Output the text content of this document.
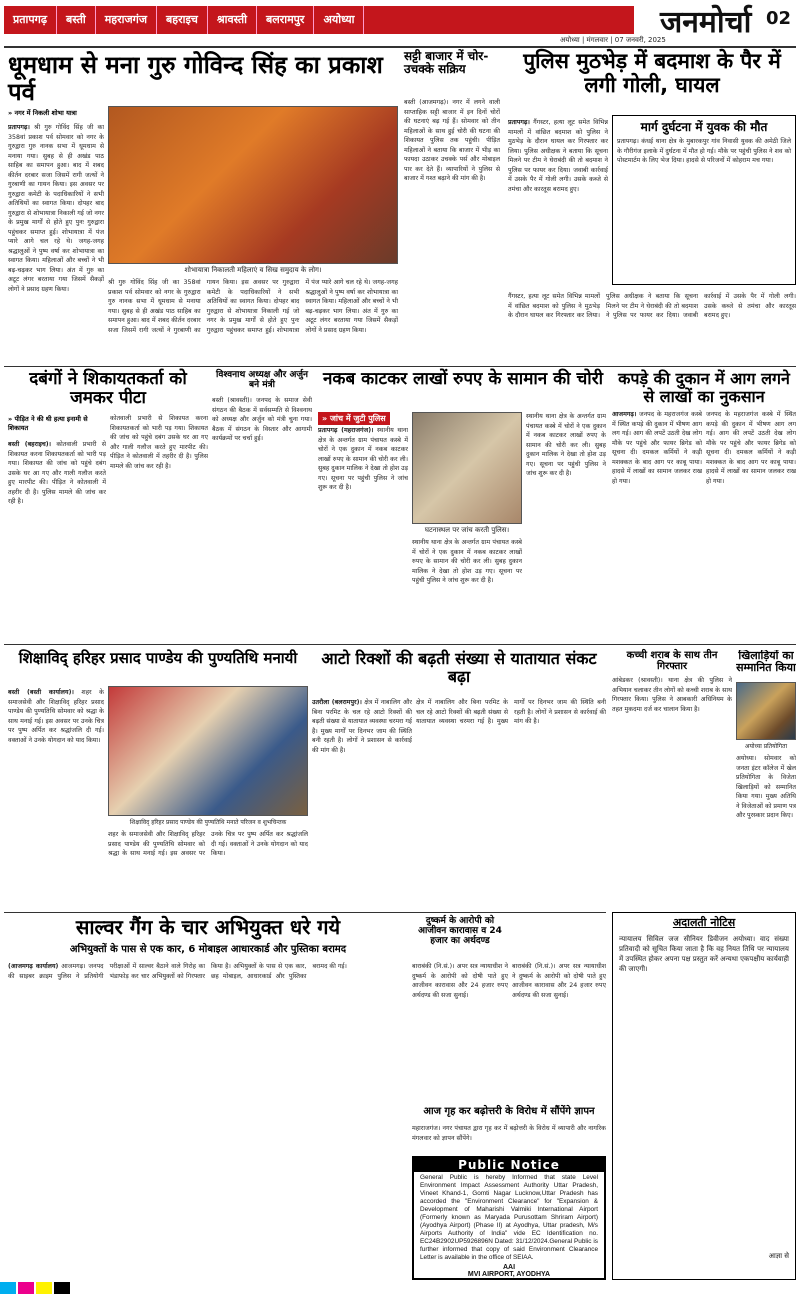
प्रतापगढ़	बस्ती	महराजगंज	बहराइच	श्रावस्ती	बलरामपुर	अयोध्या
अयोध्या | मंगलवार | 07 जनवरी, 2025
जनमोर्चा 02
धूमधाम से मना गुरु गोविन्द सिंह का प्रकाश पर्व
» नगर में निकली शोभा यात्रा
प्रतापगढ़। श्री गुरु गोविंद सिंह जी का 358वां प्रकाश पर्व सोमवार को नगर के गुरुद्वारा गुरु नानक सभा में धूमधाम से मनाया गया। सुबह से ही अखंड पाठ साहिब का समापन हुआ। बाद में शबद कीर्तन दरबार सजा जिसमें रागी जत्थों ने गुरबाणी का गायन किया। इस अवसर पर गुरुद्वारा कमेटी के पदाधिकारियों ने सभी अतिथियों का स्वागत किया। दोपहर बाद गुरुद्वारा से शोभायात्रा निकाली गई जो नगर के प्रमुख मार्गों से होते हुए पुनः गुरुद्वारा पहुंचकर समाप्त हुई। शोभायात्रा में पंज प्यारे आगे चल रहे थे। जगह-जगह श्रद्धालुओं ने पुष्प वर्षा कर शोभायात्रा का स्वागत किया। महिलाओं और बच्चों ने भी बढ़-चढ़कर भाग लिया। अंत में गुरु का अटूट लंगर बरताया गया जिसमें सैकड़ों लोगों ने प्रसाद ग्रहण किया।
शोभायात्रा निकालती महिलाएं व सिख समुदाय के लोग।
श्री गुरु गोविंद सिंह जी का 358वां प्रकाश पर्व सोमवार को नगर के गुरुद्वारा गुरु नानक सभा में धूमधाम से मनाया गया। सुबह से ही अखंड पाठ साहिब का समापन हुआ। बाद में शबद कीर्तन दरबार सजा जिसमें रागी जत्थों ने गुरबाणी का गायन किया। इस अवसर पर गुरुद्वारा कमेटी के पदाधिकारियों ने सभी अतिथियों का स्वागत किया। दोपहर बाद गुरुद्वारा से शोभायात्रा निकाली गई जो नगर के प्रमुख मार्गों से होते हुए पुनः गुरुद्वारा पहुंचकर समाप्त हुई। शोभायात्रा में पंज प्यारे आगे चल रहे थे। जगह-जगह श्रद्धालुओं ने पुष्प वर्षा कर शोभायात्रा का स्वागत किया। महिलाओं और बच्चों ने भी बढ़-चढ़कर भाग लिया। अंत में गुरु का अटूट लंगर बरताया गया जिसमें सैकड़ों लोगों ने प्रसाद ग्रहण किया।
सट्टी बाजार में चोर-उचक्के सक्रिय
बस्ती (आजमगढ़)। नगर में लगने वाली साप्ताहिक सट्टी बाजार में इन दिनों चोरों की घटनाएं बढ़ गई हैं। सोमवार को तीन महिलाओं के साथ हुई चोरी की घटना की शिकायत पुलिस तक पहुंची। पीड़ित महिलाओं ने बताया कि बाजार में भीड़ का फायदा उठाकर उचक्के पर्स और मोबाइल पार कर देते हैं। व्यापारियों ने पुलिस से बाजार में गश्त बढ़ाने की मांग की है।
पुलिस मुठभेड़ में बदमाश के पैर में लगी गोली, घायल
प्रतापगढ़। गैंगस्टर, हत्या लूट समेत विभिन्न मामलों में वांछित बदमाश को पुलिस ने मुठभेड़ के दौरान घायल कर गिरफ्तार कर लिया। पुलिस अधीक्षक ने बताया कि सूचना मिलने पर टीम ने घेराबंदी की तो बदमाश ने पुलिस पर फायर कर दिया। जवाबी कार्रवाई में उसके पैर में गोली लगी। उसके कब्जे से तमंचा और कारतूस बरामद हुए।
मार्ग दुर्घटना में युवक की मौत
प्रतापगढ़। कंधई थाना क्षेत्र के मुबारकपुर गांव निवासी युवक की अमेठी जिले के गौरीगंज इलाके में दुर्घटना में मौत हो गई। मौके पर पहुंची पुलिस ने शव को पोस्टमार्टम के लिए भेज दिया। हादसे से परिजनों में कोहराम मच गया।
गैंगस्टर, हत्या लूट समेत विभिन्न मामलों में वांछित बदमाश को पुलिस ने मुठभेड़ के दौरान घायल कर गिरफ्तार कर लिया। पुलिस अधीक्षक ने बताया कि सूचना मिलने पर टीम ने घेराबंदी की तो बदमाश ने पुलिस पर फायर कर दिया। जवाबी कार्रवाई में उसके पैर में गोली लगी। उसके कब्जे से तमंचा और कारतूस बरामद हुए।
दबंगों ने शिकायतकर्ता को जमकर पीटा
» पीड़ित ने की थी हत्या इनामी से शिकायत
बस्ती (बहराइच)। कोतवाली प्रभारी से शिकायत करना शिकायतकर्ता को भारी पड़ गया। शिकायत की जांच को पहुंचे दबंग उसके घर आ गए और गाली गलौज करते हुए मारपीट की। पीड़ित ने कोतवाली में तहरीर दी है। पुलिस मामले की जांच कर रही है।
कोतवाली प्रभारी से शिकायत करना शिकायतकर्ता को भारी पड़ गया। शिकायत की जांच को पहुंचे दबंग उसके घर आ गए और गाली गलौज करते हुए मारपीट की। पीड़ित ने कोतवाली में तहरीर दी है। पुलिस मामले की जांच कर रही है।
विश्वनाथ अध्यक्ष और अर्जुन बने मंत्री
बस्ती (श्रावस्ती)। जनपद के समाज सेवी संगठन की बैठक में सर्वसम्मति से विश्वनाथ को अध्यक्ष और अर्जुन को मंत्री चुना गया। बैठक में संगठन के विस्तार और आगामी कार्यक्रमों पर चर्चा हुई।
नकब काटकर लाखों रुपए के सामान की चोरी
» जांच में जुटी पुलिस
प्रतापगढ़ (महराजगंज)। स्थानीय थाना क्षेत्र के अन्तर्गत ग्राम पंचायत कस्बे में चोरों ने एक दुकान में नकब काटकर लाखों रुपए के सामान की चोरी कर ली। सुबह दुकान मालिक ने देखा तो होश उड़ गए। सूचना पर पहुंची पुलिस ने जांच शुरू कर दी है।
घटनास्थल पर जांच करती पुलिस।
स्थानीय थाना क्षेत्र के अन्तर्गत ग्राम पंचायत कस्बे में चोरों ने एक दुकान में नकब काटकर लाखों रुपए के सामान की चोरी कर ली। सुबह दुकान मालिक ने देखा तो होश उड़ गए। सूचना पर पहुंची पुलिस ने जांच शुरू कर दी है।
स्थानीय थाना क्षेत्र के अन्तर्गत ग्राम पंचायत कस्बे में चोरों ने एक दुकान में नकब काटकर लाखों रुपए के सामान की चोरी कर ली। सुबह दुकान मालिक ने देखा तो होश उड़ गए। सूचना पर पहुंची पुलिस ने जांच शुरू कर दी है।
कपड़े की दुकान में आग लगने से लाखों का नुकसान
आजमगढ़। जनपद के महराजगंज कस्बे में स्थित कपड़े की दुकान में भीषण आग लग गई। आग की लपटें उठती देख लोग मौके पर पहुंचे और फायर ब्रिगेड को सूचना दी। दमकल कर्मियों ने कड़ी मशक्कत के बाद आग पर काबू पाया। हादसे में लाखों का सामान जलकर राख हो गया।
जनपद के महराजगंज कस्बे में स्थित कपड़े की दुकान में भीषण आग लग गई। आग की लपटें उठती देख लोग मौके पर पहुंचे और फायर ब्रिगेड को सूचना दी। दमकल कर्मियों ने कड़ी मशक्कत के बाद आग पर काबू पाया। हादसे में लाखों का सामान जलकर राख हो गया।
शिक्षाविद् हरिहर प्रसाद पाण्डेय की पुण्यतिथि मनायी
बस्ती (बस्ती कार्यालय)। शहर के समाजसेवी और शिक्षाविद् हरिहर प्रसाद पाण्डेय की पुण्यतिथि सोमवार को श्रद्धा के साथ मनाई गई। इस अवसर पर उनके चित्र पर पुष्प अर्पित कर श्रद्धांजलि दी गई। वक्ताओं ने उनके योगदान को याद किया।
शिक्षाविद् हरिहर प्रसाद पाण्डेय की पुण्यतिथि मनाते परिजन व शुभचिन्तक
शहर के समाजसेवी और शिक्षाविद् हरिहर प्रसाद पाण्डेय की पुण्यतिथि सोमवार को श्रद्धा के साथ मनाई गई। इस अवसर पर उनके चित्र पर पुष्प अर्पित कर श्रद्धांजलि दी गई। वक्ताओं ने उनके योगदान को याद किया।
आटो रिक्शों की बढ़ती संख्या से यातायात संकट बढ़ा
उतरौला (बलरामपुर)। क्षेत्र में नाबालिग और बिना परमिट के चल रहे आटो रिक्शों की बढ़ती संख्या से यातायात व्यवस्था चरमरा गई है। मुख्य मार्गों पर दिनभर जाम की स्थिति बनी रहती है। लोगों ने प्रशासन से कार्रवाई की मांग की है।
क्षेत्र में नाबालिग और बिना परमिट के चल रहे आटो रिक्शों की बढ़ती संख्या से यातायात व्यवस्था चरमरा गई है। मुख्य मार्गों पर दिनभर जाम की स्थिति बनी रहती है। लोगों ने प्रशासन से कार्रवाई की मांग की है।
कच्ची शराब के साथ तीन गिरफ्तार
आंबेडकर (श्रावस्ती)। थाना क्षेत्र की पुलिस ने अभियान चलाकर तीन लोगों को कच्ची शराब के साथ गिरफ्तार किया। पुलिस ने आबकारी अधिनियम के तहत मुकदमा दर्ज कर चालान किया है।
खिलाड़ियों का सम्मानित किया
अयोध्या प्रतियोगिता
अयोध्या। सोमवार को जनता इंटर कॉलेज में खेल प्रतियोगिता के विजेता खिलाड़ियों को सम्मानित किया गया। मुख्य अतिथि ने विजेताओं को प्रमाण पत्र और पुरस्कार प्रदान किए।
साल्वर गैंग के चार अभियुक्त धरे गये
अभियुक्तों के पास से एक कार, 6 मोबाइल आधारकार्ड और पुस्तिका बरामद
(आजमगढ़ कार्यालय) आजमगढ़। जनपद की साइबर क्राइम पुलिस ने प्रतियोगी परीक्षाओं में साल्वर बैठाने वाले गिरोह का भंडाफोड़ कर चार अभियुक्तों को गिरफ्तार किया है। अभियुक्तों के पास से एक कार, छह मोबाइल, आधारकार्ड और पुस्तिका बरामद की गई।
दुष्कर्म के आरोपी को आजीवन कारावास व 24 हजार का अर्थदण्ड
बाराबंकी (नि.सं.)। अपर सत्र न्यायाधीश ने दुष्कर्म के आरोपी को दोषी पाते हुए आजीवन कारावास और 24 हजार रुपए अर्थदण्ड की सजा सुनाई।
आज गृह कर बढ़ोत्तरी के विरोध में सौंपेंगे ज्ञापन
महाराजगंज। नगर पंचायत द्वारा गृह कर में बढ़ोत्तरी के विरोध में व्यापारी और नागरिक मंगलवार को ज्ञापन सौंपेंगे।
बाराबंकी (नि.सं.)। अपर सत्र न्यायाधीश ने दुष्कर्म के आरोपी को दोषी पाते हुए आजीवन कारावास और 24 हजार रुपए अर्थदण्ड की सजा सुनाई।
Public Notice
General Public is hereby Informed that state Level Environment Impact Assessment Authority Uttar Pradesh, Vineet Khand-1, Gomti Nagar Lucknow,Uttar Pradesh has accorded the "Environment Clearance" for "Expansion & Development of Maharishi Valmiki International Airport (Formerly known as Maryada Purusottam Shriram Airport) (Ayodhya Airport) (Phase II) at Ayodhya, Uttar pradesh, M/s Airports Authority of India" vide EC Identification no. EC24B2902UP5926896N Dated: 31/12/2024.General Public is further informed that copy of said Environment Clearance Letter is available in the office of SEIAA.
AAI
MVI AIRPORT, AYODHYA
अदालती नोटिस
न्यायालय सिविल जज सीनियर डिवीजन अयोध्या। वाद संख्या प्रतिवादी को सूचित किया जाता है कि वह नियत तिथि पर न्यायालय में उपस्थित होकर अपना पक्ष प्रस्तुत करें अन्यथा एकपक्षीय कार्यवाही की जाएगी।
आज्ञा से
